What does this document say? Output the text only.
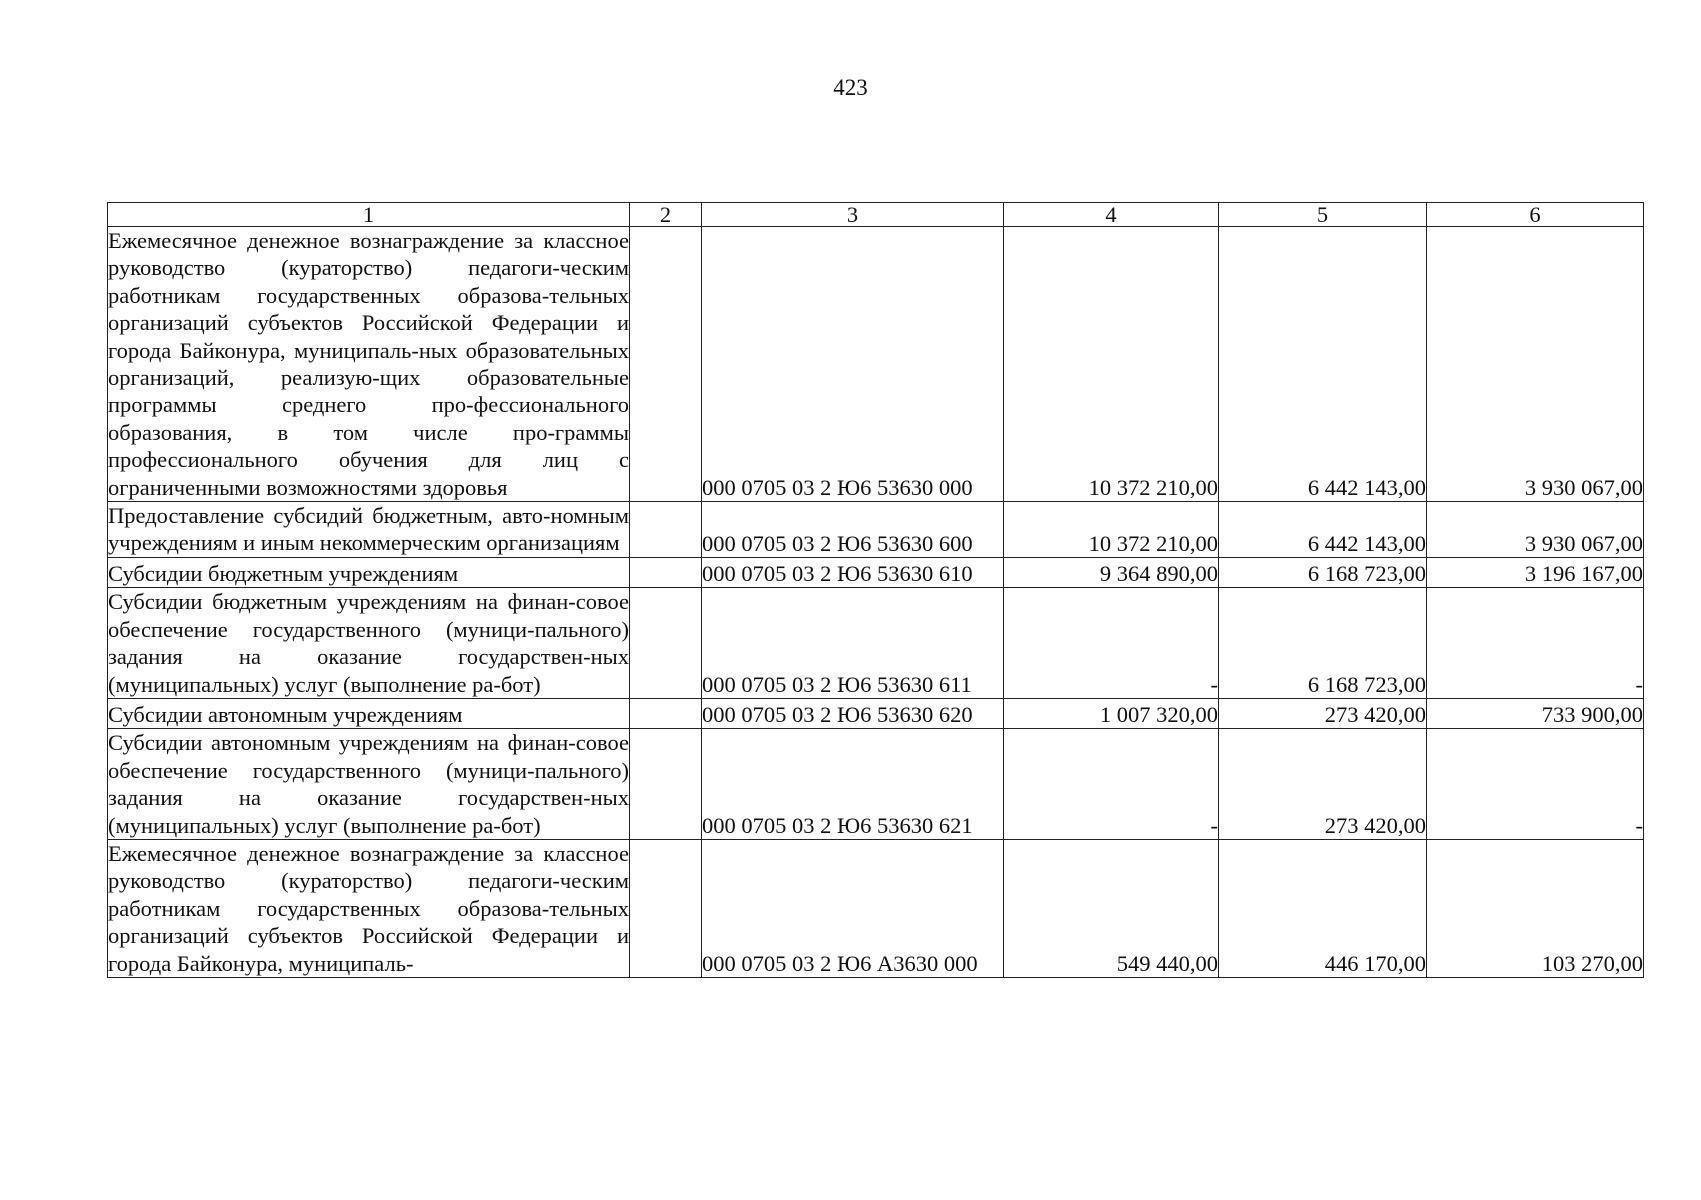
423
1	2	3	4	5	6
Ежемесячное денежное вознаграждение за классное руководство (кураторство) педагоги-ческим работникам государственных образова-тельных организаций субъектов Российской Федерации и города Байконура, муниципаль-ных образовательных организаций, реализую-щих образовательные программы среднего про-фессионального образования, в том числе про-граммы профессионального обучения для лиц с ограниченными возможностями здоровья		000 0705 03 2 Ю6 53630 000	10 372 210,00	6 442 143,00	3 930 067,00
Предоставление субсидий бюджетным, авто-номным учреждениям и иным некоммерческим организациям		000 0705 03 2 Ю6 53630 600	10 372 210,00	6 442 143,00	3 930 067,00
Субсидии бюджетным учреждениям		000 0705 03 2 Ю6 53630 610	9 364 890,00	6 168 723,00	3 196 167,00
Субсидии бюджетным учреждениям на финан-совое обеспечение государственного (муници-пального) задания на оказание государствен-ных (муниципальных) услуг (выполнение ра-бот)		000 0705 03 2 Ю6 53630 611	-	6 168 723,00	-
Субсидии автономным учреждениям		000 0705 03 2 Ю6 53630 620	1 007 320,00	273 420,00	733 900,00
Субсидии автономным учреждениям на финан-совое обеспечение государственного (муници-пального) задания на оказание государствен-ных (муниципальных) услуг (выполнение ра-бот)		000 0705 03 2 Ю6 53630 621	-	273 420,00	-
Ежемесячное денежное вознаграждение за классное руководство (кураторство) педагоги-ческим работникам государственных образова-тельных организаций субъектов Российской Федерации и города Байконура, муниципаль-		000 0705 03 2 Ю6 А3630 000	549 440,00	446 170,00	103 270,00
